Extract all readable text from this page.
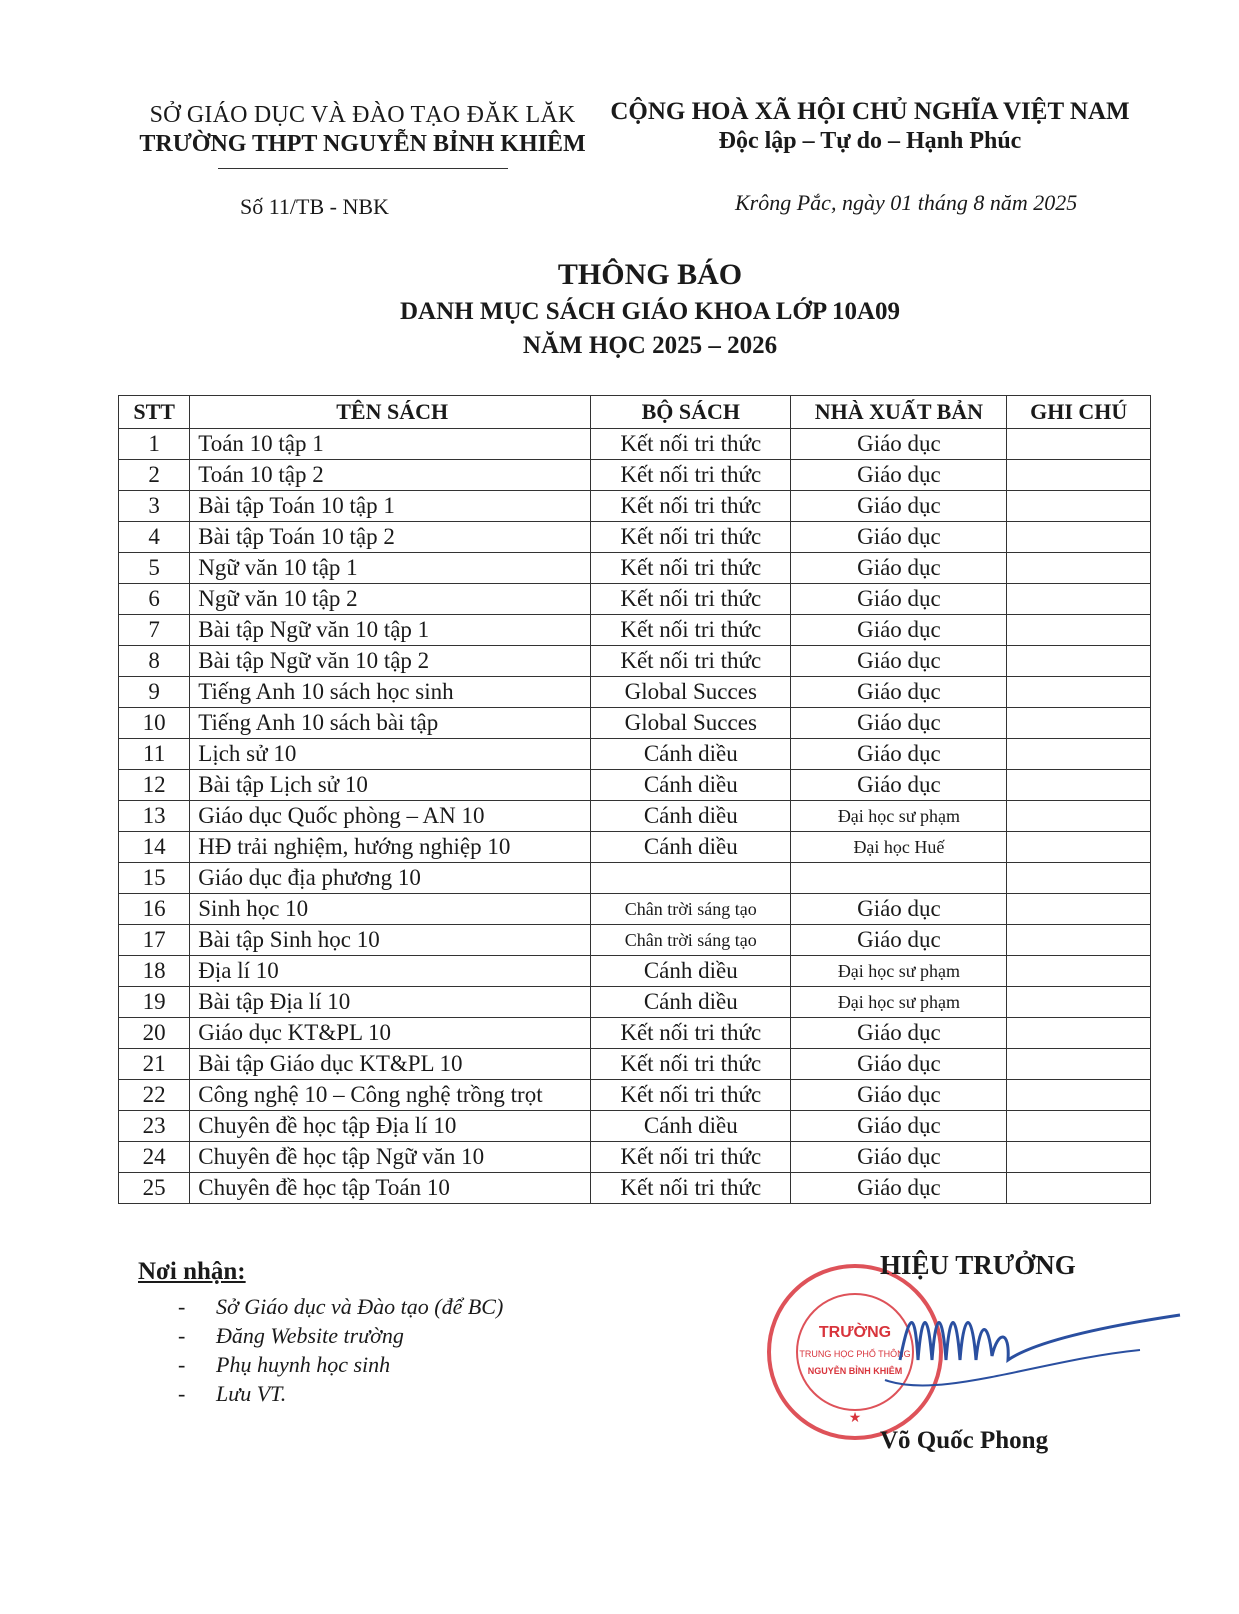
SỞ GIÁO DỤC VÀ ĐÀO TẠO ĐĂK LĂK
TRƯỜNG THPT NGUYỄN BỈNH KHIÊM
CỘNG HOÀ XÃ HỘI CHỦ NGHĨA VIỆT NAM
Độc lập – Tự do – Hạnh Phúc
Số 11/TB - NBK	Krông Pắc, ngày 01 tháng 8 năm 2025
THÔNG BÁO
DANH MỤC SÁCH GIÁO KHOA LỚP 10A09
NĂM HỌC 2025 – 2026
STT	TÊN SÁCH	BỘ SÁCH	NHÀ XUẤT BẢN	GHI CHÚ
1	Toán 10 tập 1	Kết nối tri thức	Giáo dục	
2	Toán 10 tập 2	Kết nối tri thức	Giáo dục	
3	Bài tập Toán 10 tập 1	Kết nối tri thức	Giáo dục	
4	Bài tập Toán 10 tập 2	Kết nối tri thức	Giáo dục	
5	Ngữ văn 10 tập 1	Kết nối tri thức	Giáo dục	
6	Ngữ văn 10 tập 2	Kết nối tri thức	Giáo dục	
7	Bài tập Ngữ văn 10 tập 1	Kết nối tri thức	Giáo dục	
8	Bài tập Ngữ văn 10 tập 2	Kết nối tri thức	Giáo dục	
9	Tiếng Anh 10 sách học sinh	Global Succes	Giáo dục	
10	Tiếng Anh 10 sách bài tập	Global Succes	Giáo dục	
11	Lịch sử 10	Cánh diều	Giáo dục	
12	Bài tập Lịch sử 10	Cánh diều	Giáo dục	
13	Giáo dục Quốc phòng – AN 10	Cánh diều	Đại học sư phạm	
14	HĐ trải nghiệm, hướng nghiệp 10	Cánh diều	Đại học Huế	
15	Giáo dục địa phương 10			
16	Sinh học 10	Chân trời sáng tạo	Giáo dục	
17	Bài tập Sinh học 10	Chân trời sáng tạo	Giáo dục	
18	Địa lí 10	Cánh diều	Đại học sư phạm	
19	Bài tập Địa lí 10	Cánh diều	Đại học sư phạm	
20	Giáo dục KT&PL 10	Kết nối tri thức	Giáo dục	
21	Bài tập Giáo dục KT&PL 10	Kết nối tri thức	Giáo dục	
22	Công nghệ 10 – Công nghệ trồng trọt	Kết nối tri thức	Giáo dục	
23	Chuyên đề học tập Địa lí 10	Cánh diều	Giáo dục	
24	Chuyên đề học tập Ngữ văn 10	Kết nối tri thức	Giáo dục	
25	Chuyên đề học tập Toán 10	Kết nối tri thức	Giáo dục	
Nơi nhận:
- Sở Giáo dục và Đào tạo (để BC)
- Đăng Website trường
- Phụ huynh học sinh
- Lưu VT.
TRƯỜNG
TRUNG HỌC PHỔ THÔNG
NGUYỄN BỈNH KHIÊM
★
HIỆU TRƯỞNG
Võ Quốc Phong
